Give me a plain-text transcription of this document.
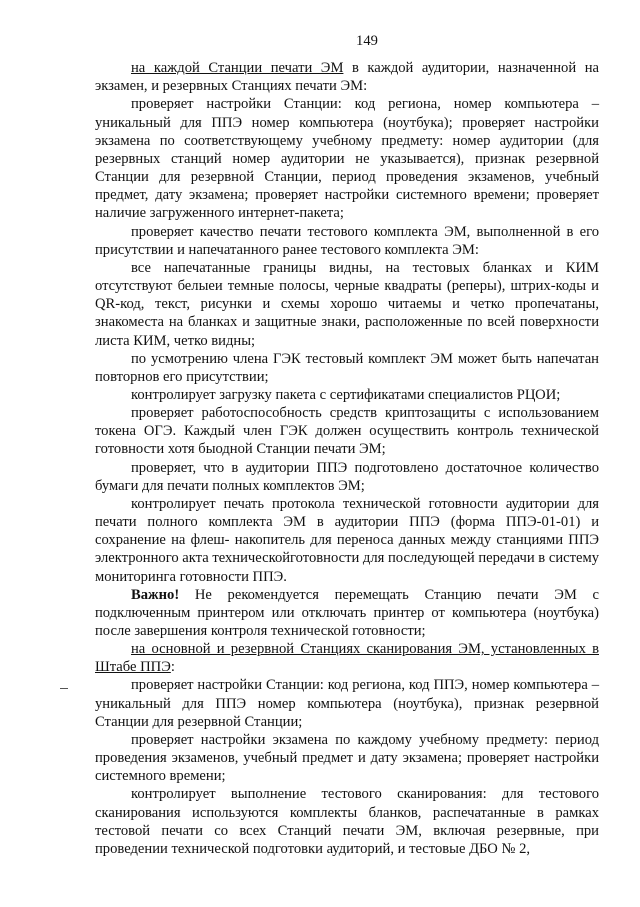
149

на каждой Станции печати ЭМ в каждой аудитории, назначенной на экзамен, и резервных Станциях печати ЭМ:

проверяет настройки Станции: код региона, номер компьютера – уникальный для ППЭ номер компьютера (ноутбука); проверяет настройки экзамена по соответствующему учебному предмету: номер аудитории (для резервных станций номер аудитории не указывается), признак резервной Станции для резервной Станции, период проведения экзаменов, учебный предмет, дату экзамена; проверяет настройки системного времени; проверяет наличие загруженного интернет-пакета;

проверяет качество печати тестового комплекта ЭМ, выполненной в его присутствии и напечатанного ранее тестового комплекта ЭМ:

все напечатанные границы видны, на тестовых бланках и КИМ отсутствуют белыеи темные полосы, черные квадраты (реперы), штрих-коды и QR-код, текст, рисунки и схемы хорошо читаемы и четко пропечатаны, знакоместа на бланках и защитные знаки, расположенные по всей поверхности листа КИМ, четко видны;

по усмотрению члена ГЭК тестовый комплект ЭМ может быть напечатан повторнов его присутствии;

контролирует загрузку пакета с сертификатами специалистов РЦОИ;

проверяет работоспособность средств криптозащиты с использованием токена ОГЭ. Каждый член ГЭК должен осуществить контроль технической готовности хотя быодной Станции печати ЭМ;

проверяет, что в аудитории ППЭ подготовлено достаточное количество бумаги для печати полных комплектов ЭМ;

контролирует печать протокола технической готовности аудитории для печати полного комплекта ЭМ в аудитории ППЭ (форма ППЭ-01-01) и сохранение на флеш- накопитель для переноса данных между станциями ППЭ электронного акта техническойготовности для последующей передачи в систему мониторинга готовности ППЭ.

Важно! Не рекомендуется перемещать Станцию печати ЭМ с подключенным принтером или отключать принтер от компьютера (ноутбука) после завершения контроля технической готовности;

на основной и резервной Станциях сканирования ЭМ, установленных в Штабе ППЭ:

проверяет настройки Станции: код региона, код ППЭ, номер компьютера – уникальный для ППЭ номер компьютера (ноутбука), признак резервной Станции для резервной Станции;

проверяет настройки экзамена по каждому учебному предмету: период проведения экзаменов, учебный предмет и дату экзамена; проверяет настройки системного времени;

контролирует выполнение тестового сканирования: для тестового сканирования используются комплекты бланков, распечатанные в рамках тестовой печати со всех Станций печати ЭМ, включая резервные, при проведении технической подготовки аудиторий, и тестовые ДБО № 2,
